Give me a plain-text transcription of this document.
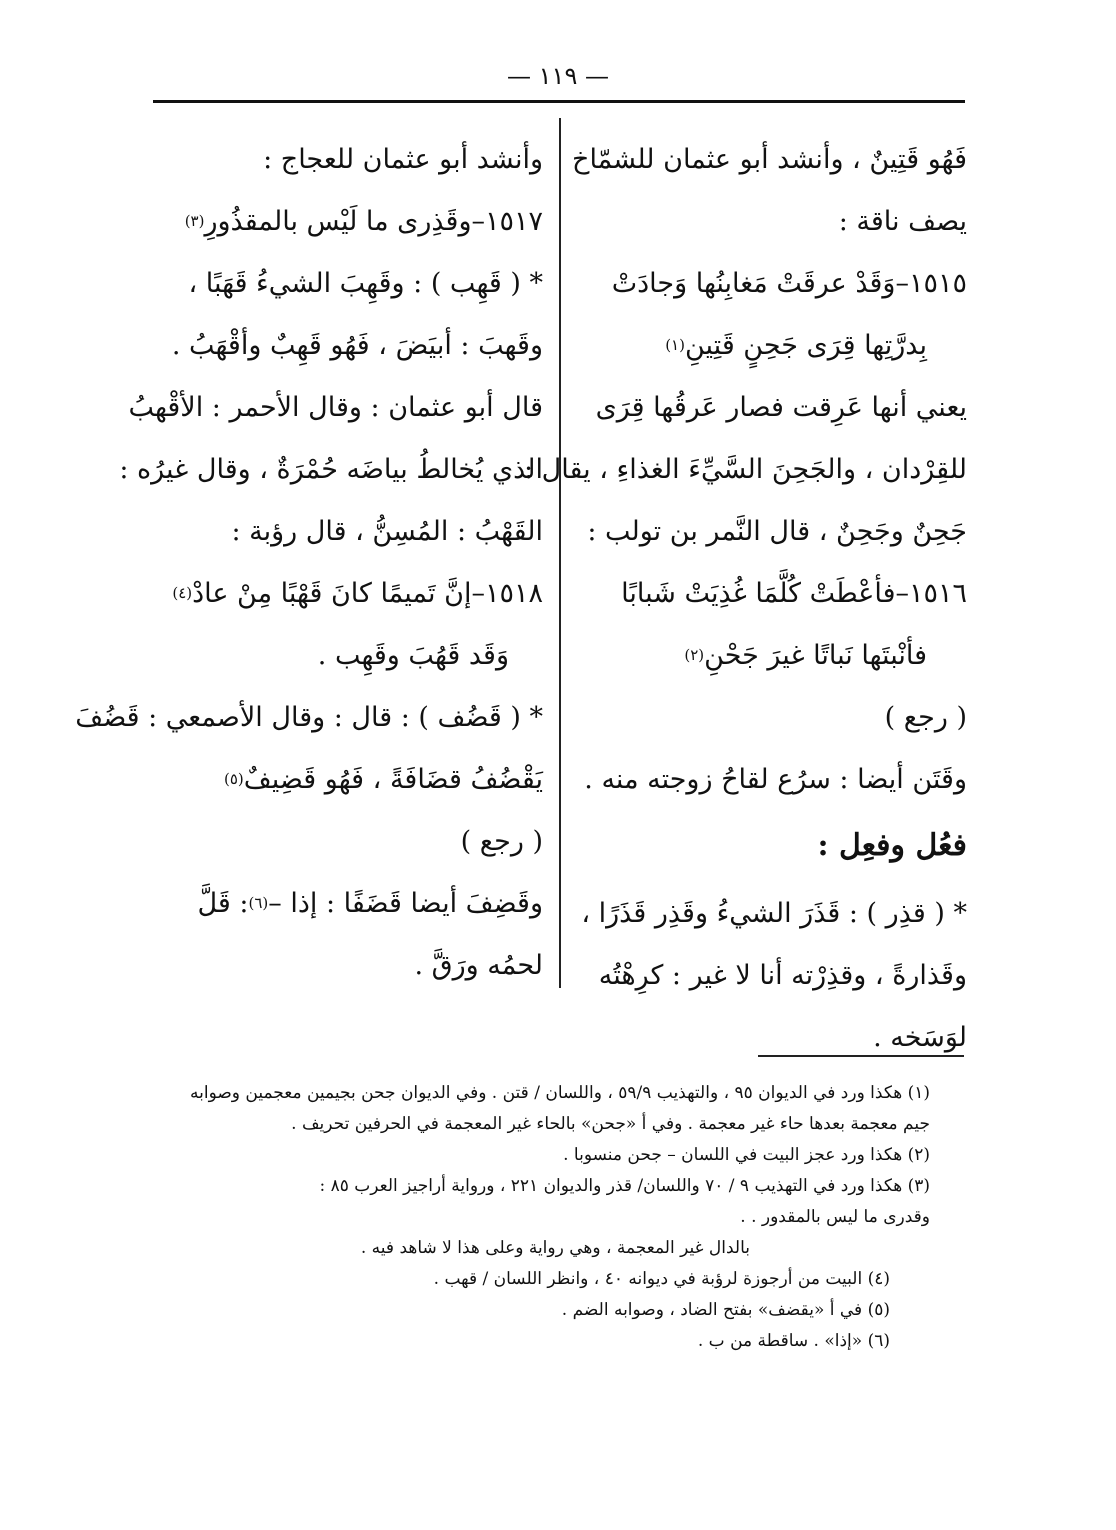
— ١١٩ —
فَهُو قَتِينٌ ، وأنشد أبو عثمان للشمّاخ
يصف ناقة :
١٥١٥–وَقَدْ عرقَتْ مَغابِنُها وَجادَتْ
بِدرَّتِها قِرَى جَحِنٍ قَتِينِ
(١)
يعني أنها عَرِقت فصار عَرقُها قِرَى
للقِرْدان ، والجَحِنَ السَّيِّءَ الغذاءِ ، يقال :
جَحِنٌ وجَحِنٌ ، قال النَّمر بن تولب :
١٥١٦–فأعْطَتْ كُلَّمَا غُذِيَتْ شَبابًا
فأنْبتَها نَباتًا غيرَ جَحْنِ
(٢)
( رجع )
وقَتَن أيضا : سرُع لقاحُ زوجته منه .
فعُل وفعِل :
* ( قذِر ) : قَذَرَ الشيءُ وقَذِر قَذَرًا ،
وقَذارةً ، وقذِرْته أنا لا غير : كرِهْتُه
لوَسَخه .
وأنشد أبو عثمان للعجاج :
١٥١٧–وقَذِرى ما لَيْس بالمقذُورِ
(٣)
* ( قَهِب ) : وقَهِبَ الشيءُ قَهَبًا ،
وقَهبَ : أبيَضَ ، فَهُو قَهِبٌ وأقْهَبُ .
قال أبو عثمان : وقال الأحمر : الأقْهبُ
الذي يُخالطُ بياضَه حُمْرَةٌ ، وقال غيرُه :
القَهْبُ : المُسِنُّ ، قال رؤبة :
١٥١٨–إنَّ تَميمًا كانَ قَهْبًا مِنْ عادْ
(٤)
وَقَد قَهُبَ وقَهِب .
* ( قَضُف ) : قال : وقال الأصمعي : قَضُفَ
يَقْضُفُ قضَافَةً ، فَهُو قَضِيفٌ
(٥)
( رجع )
وقَضِفَ أيضا قَضَفًا : إذا –
(٦)
: قَلَّ
لحمُه ورَقَّ .
(١) هكذا ورد في الديوان ٩٥ ، والتهذيب ٥٩/٩ ، واللسان / قتن . وفي الديوان جحن بجيمين معجمين وصوابه
جيم معجمة بعدها حاء غير معجمة . وفي أ «جحن» بالحاء غير المعجمة في الحرفين تحريف .
(٢) هكذا ورد عجز البيت في اللسان – جحن منسوبا .
(٣) هكذا ورد في التهذيب ٩ / ٧٠ واللسان/ قذر والديوان ٢٢١ ، ورواية أراجيز العرب ٨٥ :
وقدرى ما ليس بالمقدور . .
بالدال غير المعجمة ، وهي رواية وعلى هذا لا شاهد فيه .
(٤) البيت من أرجوزة لرؤبة في ديوانه ٤٠ ، وانظر اللسان / قهب .
(٥) في أ «يقضف» بفتح الضاد ، وصوابه الضم .
(٦) «إذا» . ساقطة من ب .
